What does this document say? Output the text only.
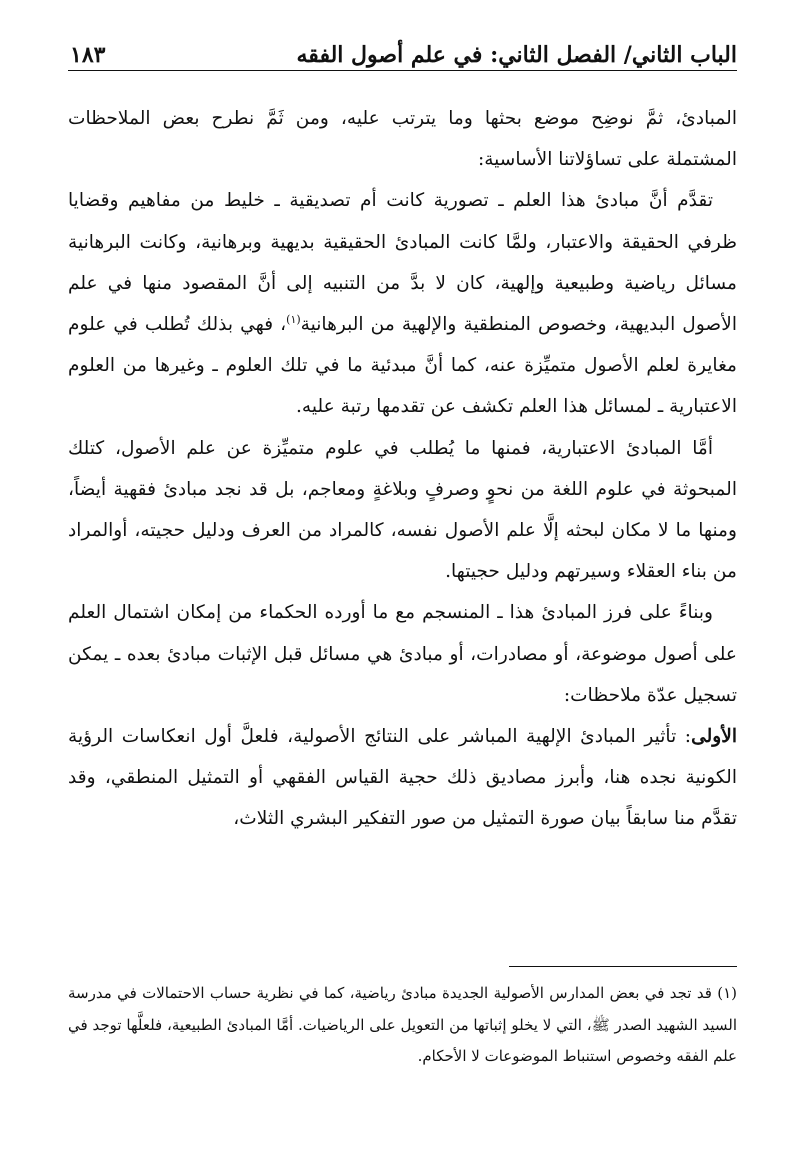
الباب الثاني/ الفصل الثاني: في علم أصول الفقه
١٨٣

المبادئ، ثمَّ نوضِح موضع بحثها وما يترتب عليه، ومن ثَمَّ نطرح بعض الملاحظات المشتملة على تساؤلاتنا الأساسية:

تقدَّم أنَّ مبادئ هذا العلم ـ تصورية كانت أم تصديقية ـ خليط من مفاهيم وقضايا ظرفي الحقيقة والاعتبار، ولمَّا كانت المبادئ الحقيقية بديهية وبرهانية، وكانت البرهانية مسائل رياضية وطبيعية وإلهية، كان لا بدَّ من التنبيه إلى أنَّ المقصود منها في علم الأصول البديهية، وخصوص المنطقية والإلهية من البرهانية$^{(١)}$، فهي بذلك تُطلب في علوم مغايرة لعلم الأصول متميِّزة عنه، كما أنَّ مبدئية ما في تلك العلوم ـ وغيرها من العلوم الاعتبارية ـ لمسائل هذا العلم تكشف عن تقدمها رتبة عليه.

أمَّا المبادئ الاعتبارية، فمنها ما يُطلب في علوم متميِّزة عن علم الأصول، كتلك المبحوثة في علوم اللغة من نحوٍ وصرفٍ وبلاغةٍ ومعاجم، بل قد نجد مبادئ فقهية أيضاً، ومنها ما لا مكان لبحثه إلَّا علم الأصول نفسه، كالمراد من العرف ودليل حجيته، أوالمراد من بناء العقلاء وسيرتهم ودليل حجيتها.

وبناءً على فرز المبادئ هذا ـ المنسجم مع ما أورده الحكماء من إمكان اشتمال العلم على أصول موضوعة، أو مصادرات، أو مبادئ هي مسائل قبل الإثبات مبادئ بعده ـ يمكن تسجيل عدّة ملاحظات:

الأولى: تأثير المبادئ الإلهية المباشر على النتائج الأصولية، فلعلَّ أول انعكاسات الرؤية الكونية نجده هنا، وأبرز مصاديق ذلك حجية القياس الفقهي أو التمثيل المنطقي، وقد تقدَّم منا سابقاً بيان صورة التمثيل من صور التفكير البشري الثلاث،

(١) قد تجد في بعض المدارس الأصولية الجديدة مبادئ رياضية، كما في نظرية حساب الاحتمالات في مدرسة السيد الشهيد الصدر ﷺ، التي لا يخلو إثباتها من التعويل على الرياضيات. أمَّا المبادئ الطبيعية، فلعلَّها توجد في علم الفقه وخصوص استنباط الموضوعات لا الأحكام.
